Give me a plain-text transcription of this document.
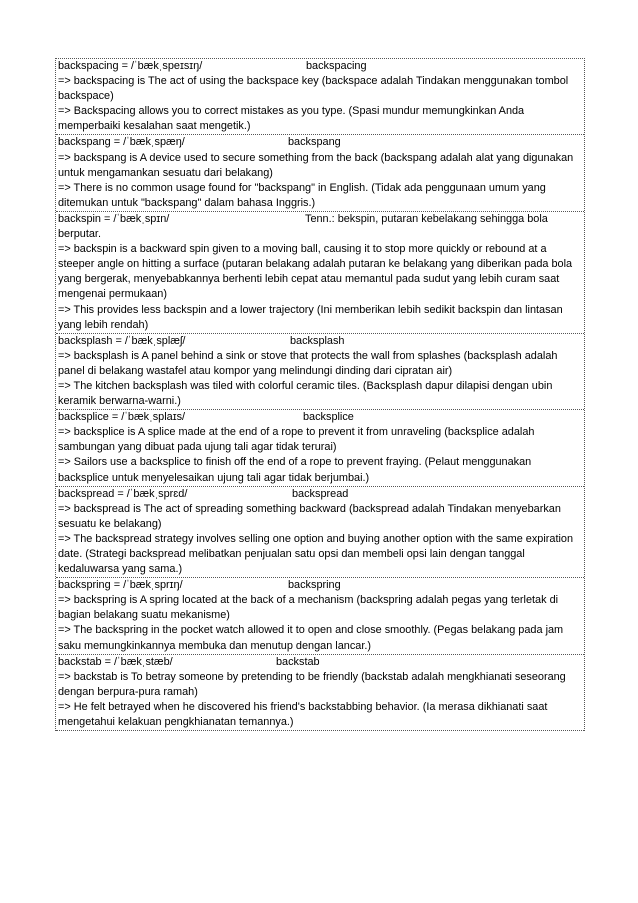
backspacing = /ˈbækˌspeɪsɪŋ/	backspacing
=> backspacing is The act of using the backspace key (backspace adalah Tindakan menggunakan tombol backspace)
=> Backspacing allows you to correct mistakes as you type. (Spasi mundur memungkinkan Anda memperbaiki kesalahan saat mengetik.)
backspang = /ˈbækˌspæŋ/	backspang
=> backspang is A device used to secure something from the back (backspang adalah alat yang digunakan untuk mengamankan sesuatu dari belakang)
=> There is no common usage found for "backspang" in English. (Tidak ada penggunaan umum yang ditemukan untuk "backspang" dalam bahasa Inggris.)
backspin = /ˈbækˌspɪn/	Tenn.: bekspin, putaran kebelakang sehingga bola berputar.
=> backspin is a backward spin given to a moving ball, causing it to stop more quickly or rebound at a steeper angle on hitting a surface (putaran belakang adalah putaran ke belakang yang diberikan pada bola yang bergerak, menyebabkannya berhenti lebih cepat atau memantul pada sudut yang lebih curam saat mengenai permukaan)
=> This provides less backspin and a lower trajectory (Ini memberikan lebih sedikit backspin dan lintasan yang lebih rendah)
backsplash = /ˈbækˌsplæʃ/	backsplash
=> backsplash is A panel behind a sink or stove that protects the wall from splashes (backsplash adalah panel di belakang wastafel atau kompor yang melindungi dinding dari cipratan air)
=> The kitchen backsplash was tiled with colorful ceramic tiles. (Backsplash dapur dilapisi dengan ubin keramik berwarna-warni.)
backsplice = /ˈbækˌsplaɪs/	backsplice
=> backsplice is A splice made at the end of a rope to prevent it from unraveling (backsplice adalah sambungan yang dibuat pada ujung tali agar tidak terurai)
=> Sailors use a backsplice to finish off the end of a rope to prevent fraying. (Pelaut menggunakan backsplice untuk menyelesaikan ujung tali agar tidak berjumbai.)
backspread = /ˈbækˌsprɛd/	backspread
=> backspread is The act of spreading something backward (backspread adalah Tindakan menyebarkan sesuatu ke belakang)
=> The backspread strategy involves selling one option and buying another option with the same expiration date. (Strategi backspread melibatkan penjualan satu opsi dan membeli opsi lain dengan tanggal kedaluwarsa yang sama.)
backspring = /ˈbækˌsprɪŋ/	backspring
=> backspring is A spring located at the back of a mechanism (backspring adalah pegas yang terletak di bagian belakang suatu mekanisme)
=> The backspring in the pocket watch allowed it to open and close smoothly. (Pegas belakang pada jam saku memungkinkannya membuka dan menutup dengan lancar.)
backstab = /ˈbækˌstæb/	backstab
=> backstab is To betray someone by pretending to be friendly (backstab adalah mengkhianati seseorang dengan berpura-pura ramah)
=> He felt betrayed when he discovered his friend's backstabbing behavior. (Ia merasa dikhianati saat mengetahui kelakuan pengkhianatan temannya.)
